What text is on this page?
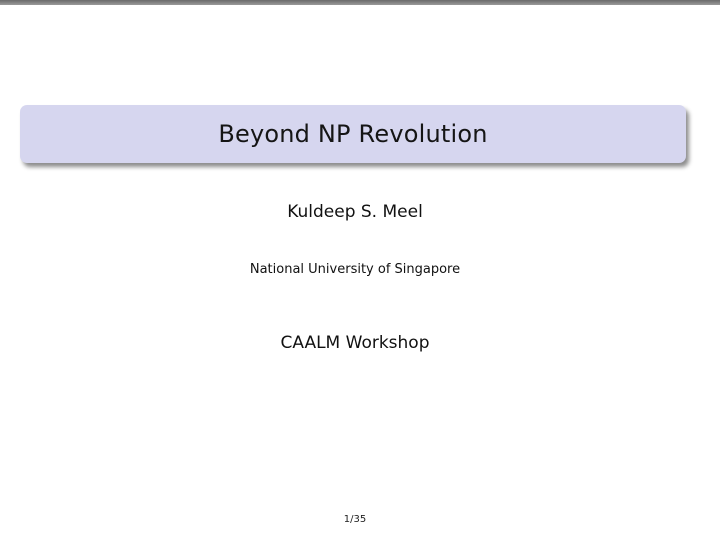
Beyond NP Revolution
Kuldeep S. Meel
National University of Singapore
CAALM Workshop
1/35
